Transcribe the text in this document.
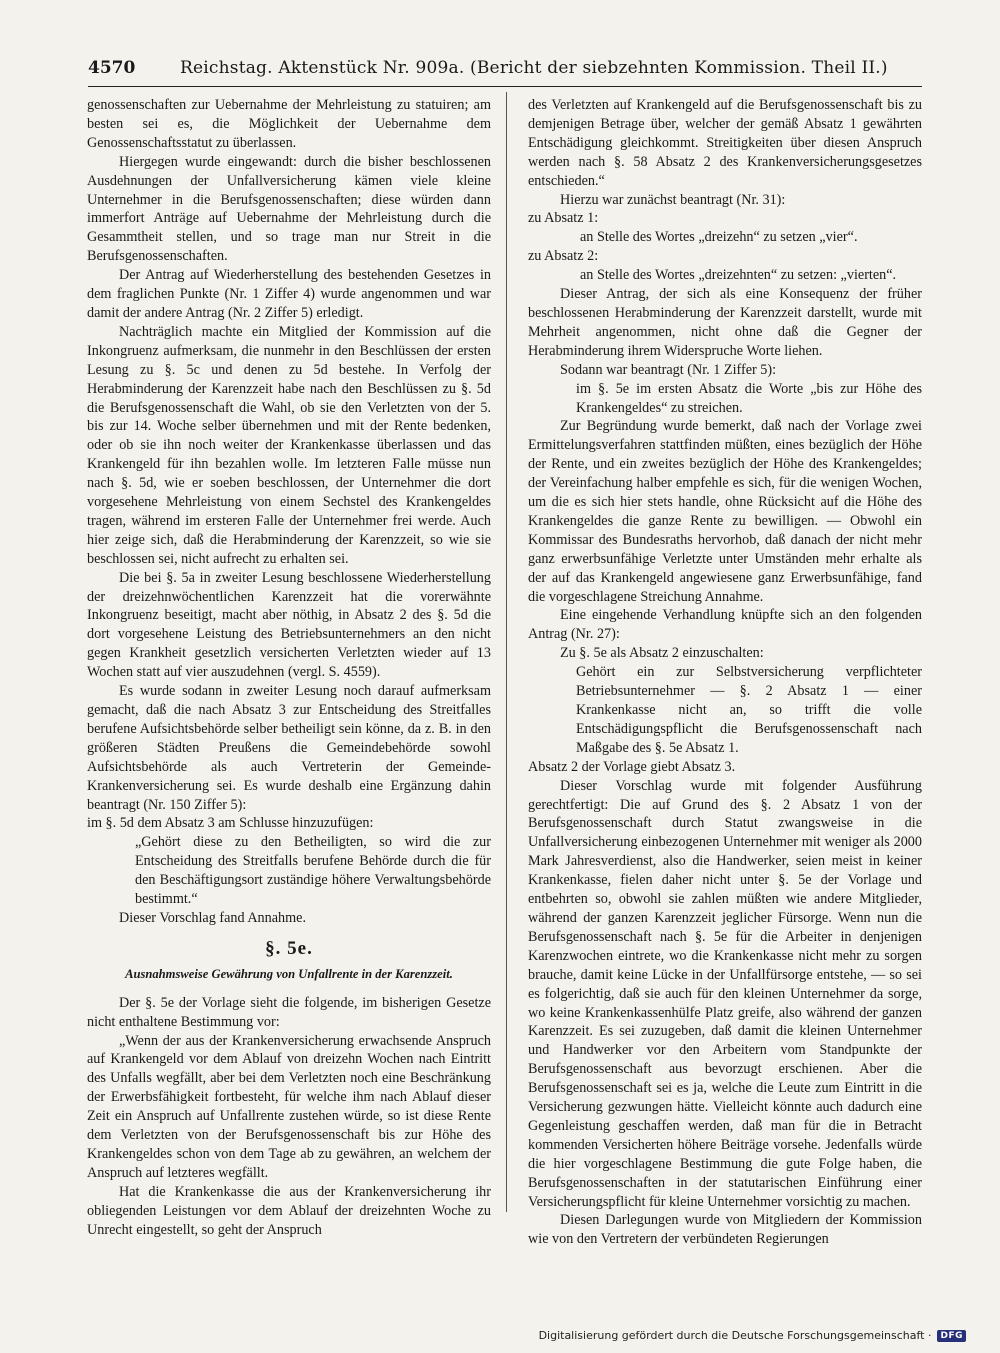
4570	Reichstag. Aktenstück Nr. 909a. (Bericht der siebzehnten Kommission. Theil II.)

genossenschaften zur Uebernahme der Mehrleistung zu statuiren; am besten sei es, die Möglichkeit der Uebernahme dem Genossenschaftsstatut zu überlassen.

Hiergegen wurde eingewandt: durch die bisher beschlossenen Ausdehnungen der Unfallversicherung kämen viele kleine Unternehmer in die Berufsgenossenschaften; diese würden dann immerfort Anträge auf Uebernahme der Mehrleistung durch die Gesammtheit stellen, und so trage man nur Streit in die Berufsgenossenschaften.

Der Antrag auf Wiederherstellung des bestehenden Gesetzes in dem fraglichen Punkte (Nr. 1 Ziffer 4) wurde angenommen und war damit der andere Antrag (Nr. 2 Ziffer 5) erledigt.

Nachträglich machte ein Mitglied der Kommission auf die Inkongruenz aufmerksam, die nunmehr in den Beschlüssen der ersten Lesung zu §. 5c und denen zu 5d bestehe. In Verfolg der Herabminderung der Karenzzeit habe nach den Beschlüssen zu §. 5d die Berufsgenossenschaft die Wahl, ob sie den Verletzten von der 5. bis zur 14. Woche selber übernehmen und mit der Rente bedenken, oder ob sie ihn noch weiter der Krankenkasse überlassen und das Krankengeld für ihn bezahlen wolle. Im letzteren Falle müsse nun nach §. 5d, wie er soeben beschlossen, der Unternehmer die dort vorgesehene Mehrleistung von einem Sechstel des Krankengeldes tragen, während im ersteren Falle der Unternehmer frei werde. Auch hier zeige sich, daß die Herabminderung der Karenzzeit, so wie sie beschlossen sei, nicht aufrecht zu erhalten sei.

Die bei §. 5a in zweiter Lesung beschlossene Wiederherstellung der dreizehnwöchentlichen Karenzzeit hat die vorerwähnte Inkongruenz beseitigt, macht aber nöthig, in Absatz 2 des §. 5d die dort vorgesehene Leistung des Betriebsunternehmers an den nicht gegen Krankheit gesetzlich versicherten Verletzten wieder auf 13 Wochen statt auf vier auszudehnen (vergl. S. 4559).

Es wurde sodann in zweiter Lesung noch darauf aufmerksam gemacht, daß die nach Absatz 3 zur Entscheidung des Streitfalles berufene Aufsichtsbehörde selber betheiligt sein könne, da z. B. in den größeren Städten Preußens die Gemeindebehörde sowohl Aufsichtsbehörde als auch Vertreterin der Gemeinde-Krankenversicherung sei. Es wurde deshalb eine Ergänzung dahin beantragt (Nr. 150 Ziffer 5):

im §. 5d dem Absatz 3 am Schlusse hinzuzufügen:

„Gehört diese zu den Betheiligten, so wird die zur Entscheidung des Streitfalls berufene Behörde durch die für den Beschäftigungsort zuständige höhere Verwaltungsbehörde bestimmt.“

Dieser Vorschlag fand Annahme.

§. 5e.

Ausnahmsweise Gewährung von Unfallrente in der Karenzzeit.

Der §. 5e der Vorlage sieht die folgende, im bisherigen Gesetze nicht enthaltene Bestimmung vor:

„Wenn der aus der Krankenversicherung erwachsende Anspruch auf Krankengeld vor dem Ablauf von dreizehn Wochen nach Eintritt des Unfalls wegfällt, aber bei dem Verletzten noch eine Beschränkung der Erwerbsfähigkeit fortbesteht, für welche ihm nach Ablauf dieser Zeit ein Anspruch auf Unfallrente zustehen würde, so ist diese Rente dem Verletzten von der Berufsgenossenschaft bis zur Höhe des Krankengeldes schon von dem Tage ab zu gewähren, an welchem der Anspruch auf letzteres wegfällt.

Hat die Krankenkasse die aus der Krankenversicherung ihr obliegenden Leistungen vor dem Ablauf der dreizehnten Woche zu Unrecht eingestellt, so geht der Anspruch

des Verletzten auf Krankengeld auf die Berufsgenossenschaft bis zu demjenigen Betrage über, welcher der gemäß Absatz 1 gewährten Entschädigung gleichkommt. Streitigkeiten über diesen Anspruch werden nach §. 58 Absatz 2 des Krankenversicherungsgesetzes entschieden.“

Hierzu war zunächst beantragt (Nr. 31):

zu Absatz 1:

an Stelle des Wortes „dreizehn“ zu setzen „vier“.

zu Absatz 2:

an Stelle des Wortes „dreizehnten“ zu setzen: „vierten“.

Dieser Antrag, der sich als eine Konsequenz der früher beschlossenen Herabminderung der Karenzzeit darstellt, wurde mit Mehrheit angenommen, nicht ohne daß die Gegner der Herabminderung ihrem Widerspruche Worte liehen.

Sodann war beantragt (Nr. 1 Ziffer 5):

im §. 5e im ersten Absatz die Worte „bis zur Höhe des Krankengeldes“ zu streichen.

Zur Begründung wurde bemerkt, daß nach der Vorlage zwei Ermittelungsverfahren stattfinden müßten, eines bezüglich der Höhe der Rente, und ein zweites bezüglich der Höhe des Krankengeldes; der Vereinfachung halber empfehle es sich, für die wenigen Wochen, um die es sich hier stets handle, ohne Rücksicht auf die Höhe des Krankengeldes die ganze Rente zu bewilligen. — Obwohl ein Kommissar des Bundesraths hervorhob, daß danach der nicht mehr ganz erwerbsunfähige Verletzte unter Umständen mehr erhalte als der auf das Krankengeld angewiesene ganz Erwerbsunfähige, fand die vorgeschlagene Streichung Annahme.

Eine eingehende Verhandlung knüpfte sich an den folgenden Antrag (Nr. 27):

Zu §. 5e als Absatz 2 einzuschalten:

Gehört ein zur Selbstversicherung verpflichteter Betriebsunternehmer — §. 2 Absatz 1 — einer Krankenkasse nicht an, so trifft die volle Entschädigungspflicht die Berufsgenossenschaft nach Maßgabe des §. 5e Absatz 1.

Absatz 2 der Vorlage giebt Absatz 3.

Dieser Vorschlag wurde mit folgender Ausführung gerechtfertigt: Die auf Grund des §. 2 Absatz 1 von der Berufsgenossenschaft durch Statut zwangsweise in die Unfallversicherung einbezogenen Unternehmer mit weniger als 2000 Mark Jahresverdienst, also die Handwerker, seien meist in keiner Krankenkasse, fielen daher nicht unter §. 5e der Vorlage und entbehrten so, obwohl sie zahlen müßten wie andere Mitglieder, während der ganzen Karenzzeit jeglicher Fürsorge. Wenn nun die Berufsgenossenschaft nach §. 5e für die Arbeiter in denjenigen Karenzwochen eintrete, wo die Krankenkasse nicht mehr zu sorgen brauche, damit keine Lücke in der Unfallfürsorge entstehe, — so sei es folgerichtig, daß sie auch für den kleinen Unternehmer da sorge, wo keine Krankenkassenhülfe Platz greife, also während der ganzen Karenzzeit. Es sei zuzugeben, daß damit die kleinen Unternehmer und Handwerker vor den Arbeitern vom Standpunkte der Berufsgenossenschaft aus bevorzugt erschienen. Aber die Berufsgenossenschaft sei es ja, welche die Leute zum Eintritt in die Versicherung gezwungen hätte. Vielleicht könnte auch dadurch eine Gegenleistung geschaffen werden, daß man für die in Betracht kommenden Versicherten höhere Beiträge vorsehe. Jedenfalls würde die hier vorgeschlagene Bestimmung die gute Folge haben, die Berufsgenossenschaften in der statutarischen Einführung einer Versicherungspflicht für kleine Unternehmer vorsichtig zu machen.

Diesen Darlegungen wurde von Mitgliedern der Kommission wie von den Vertretern der verbündeten Regierungen

Digitalisierung gefördert durch die Deutsche Forschungsgemeinschaft ·	DFG
